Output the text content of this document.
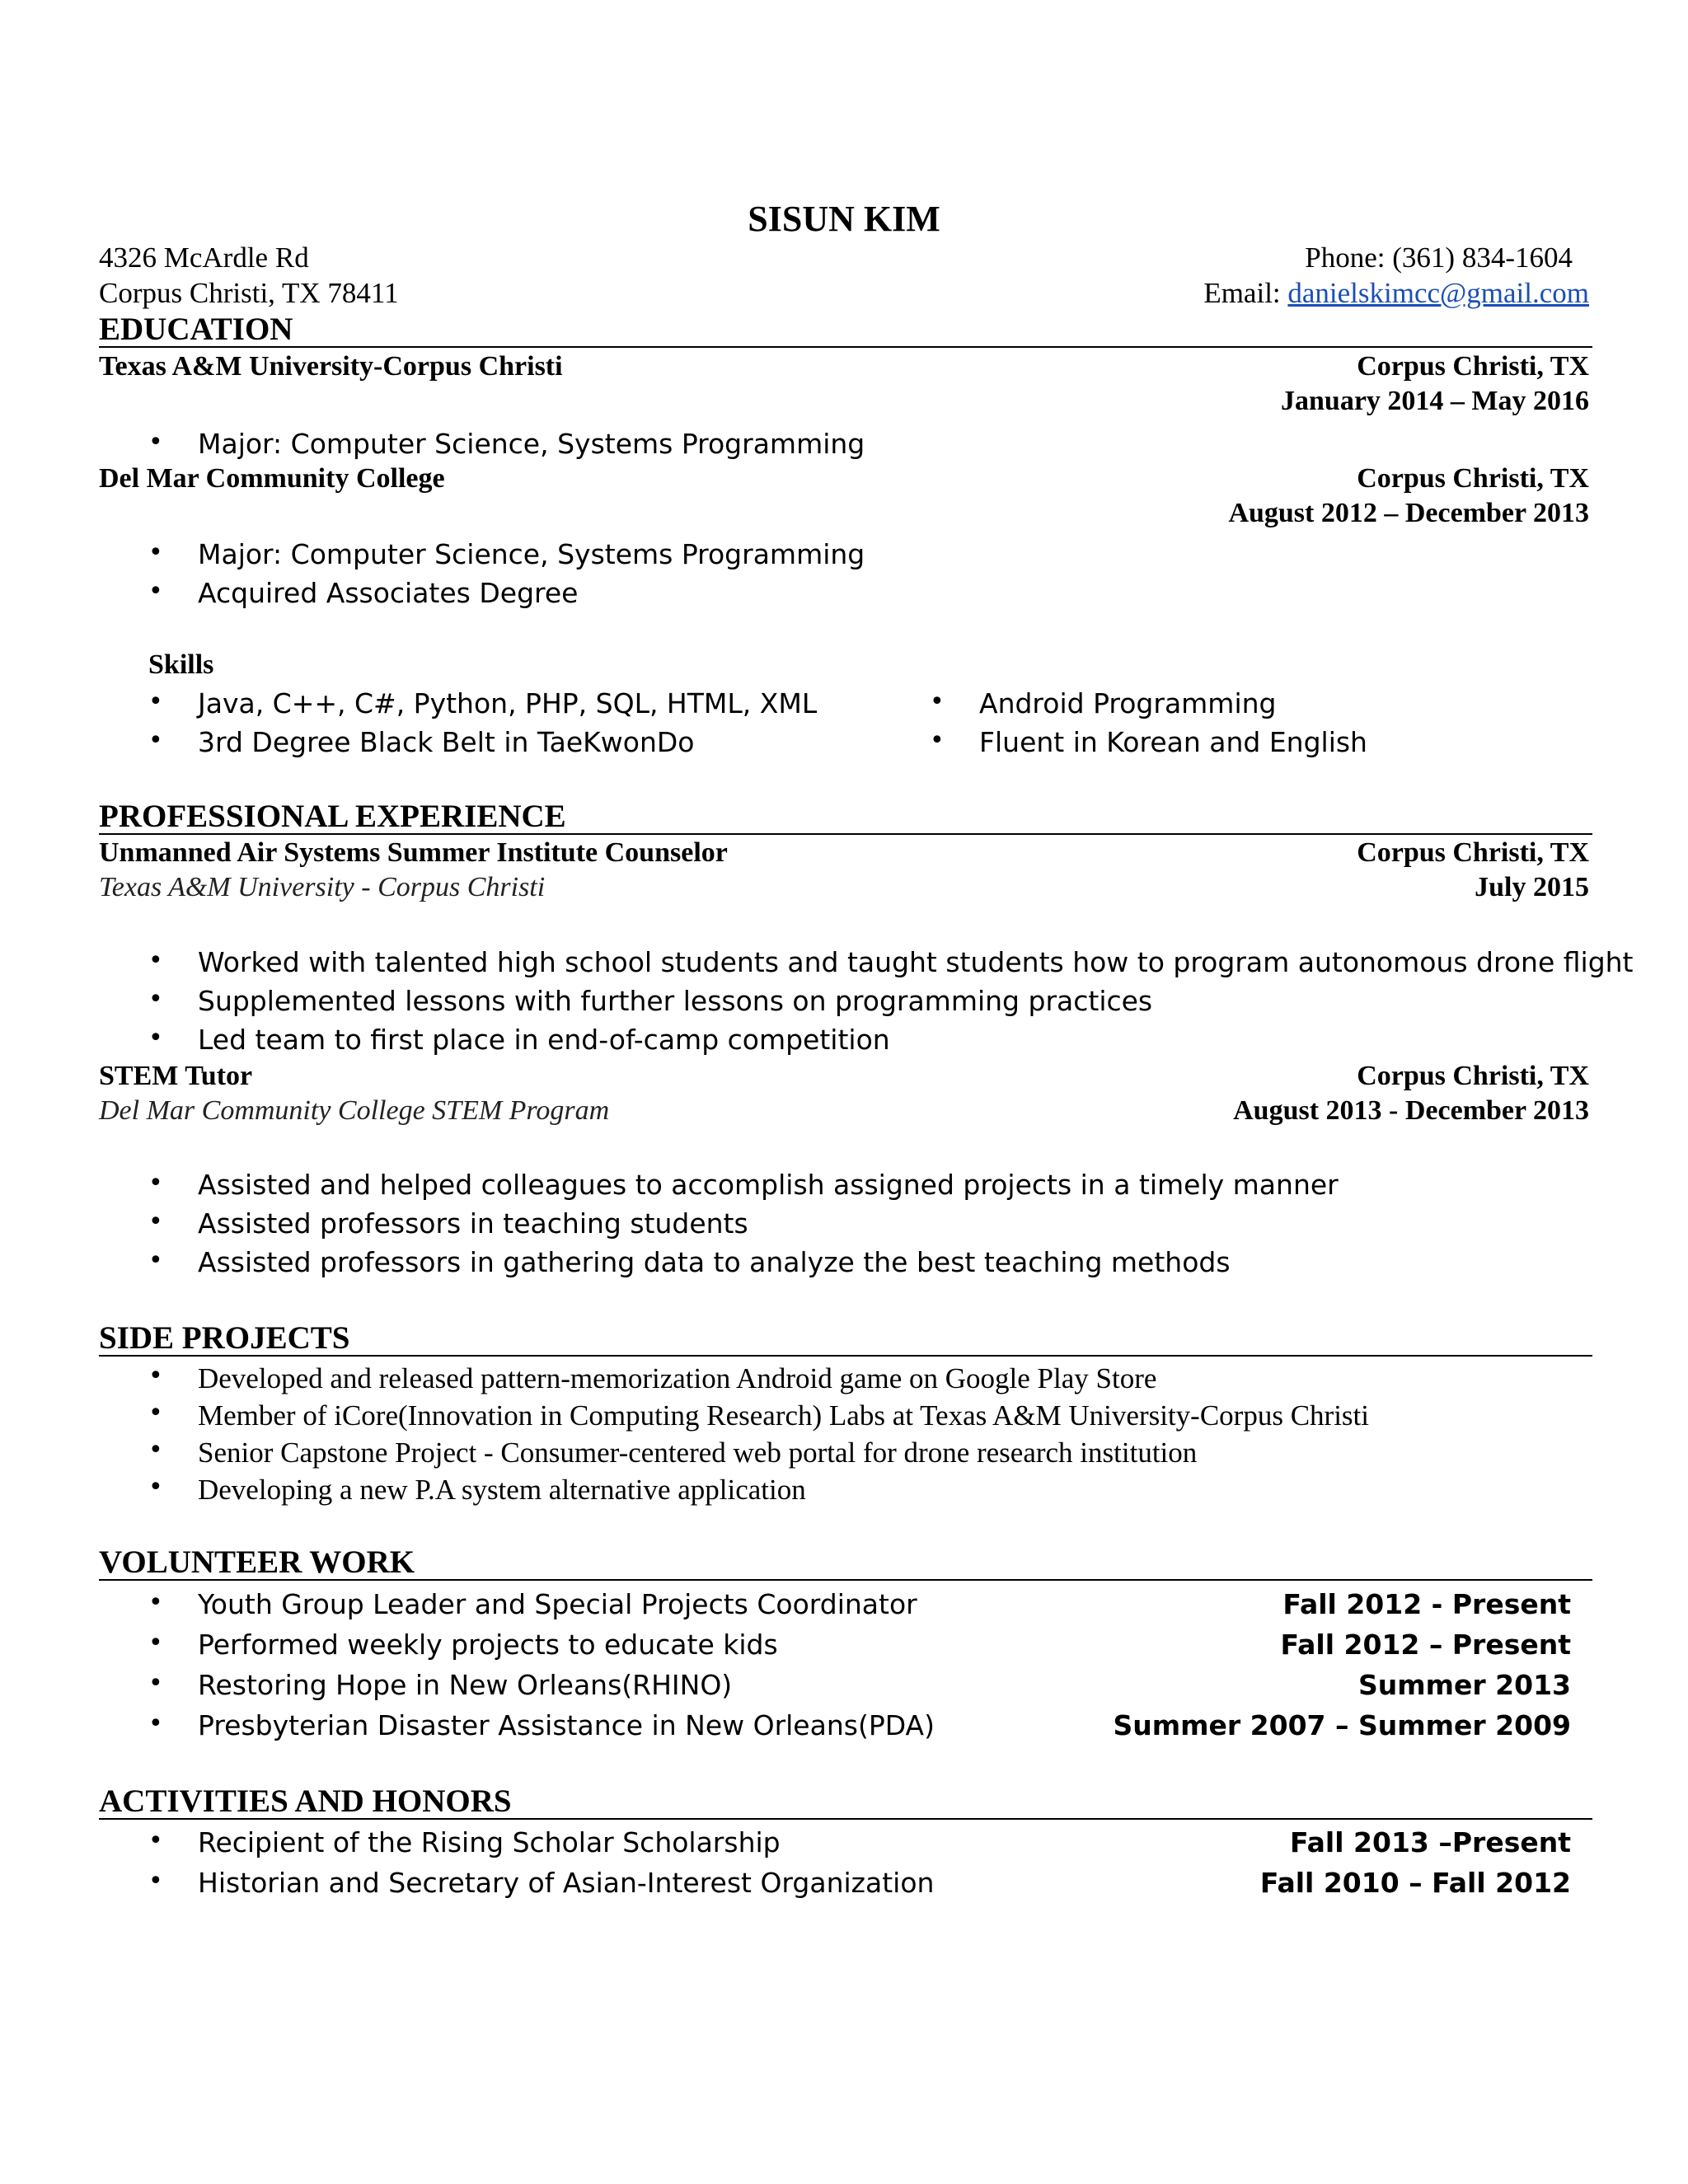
SISUN KIM
4326 McArdle Rd
Corpus Christi, TX 78411
Phone: (361) 834-1604
Email: danielskimcc@gmail.com
EDUCATION
Texas A&M University-Corpus Christi	Corpus Christi, TX
January 2014 – May 2016
• Major: Computer Science, Systems Programming
Del Mar Community College	Corpus Christi, TX
August 2012 – December 2013
• Major: Computer Science, Systems Programming
• Acquired Associates Degree
Skills
• Java, C++, C#, Python, PHP, SQL, HTML, XML
• 3rd Degree Black Belt in TaeKwonDo
• Android Programming
• Fluent in Korean and English
PROFESSIONAL EXPERIENCE
Unmanned Air Systems Summer Institute Counselor	Corpus Christi, TX
Texas A&M University - Corpus Christi	July 2015
• Worked with talented high school students and taught students how to program autonomous drone flight
• Supplemented lessons with further lessons on programming practices
• Led team to first place in end-of-camp competition
STEM Tutor	Corpus Christi, TX
Del Mar Community College STEM Program	August 2013 - December 2013
• Assisted and helped colleagues to accomplish assigned projects in a timely manner
• Assisted professors in teaching students
• Assisted professors in gathering data to analyze the best teaching methods
SIDE PROJECTS
• Developed and released pattern-memorization Android game on Google Play Store
• Member of iCore(Innovation in Computing Research) Labs at Texas A&M University-Corpus Christi
• Senior Capstone Project - Consumer-centered web portal for drone research institution
• Developing a new P.A system alternative application
VOLUNTEER WORK
• Youth Group Leader and Special Projects Coordinator	Fall 2012 - Present
• Performed weekly projects to educate kids	Fall 2012 – Present
• Restoring Hope in New Orleans(RHINO)	Summer 2013
• Presbyterian Disaster Assistance in New Orleans(PDA)	Summer 2007 – Summer 2009
ACTIVITIES AND HONORS
• Recipient of the Rising Scholar Scholarship	Fall 2013 –Present
• Historian and Secretary of Asian-Interest Organization	Fall 2010 – Fall 2012
